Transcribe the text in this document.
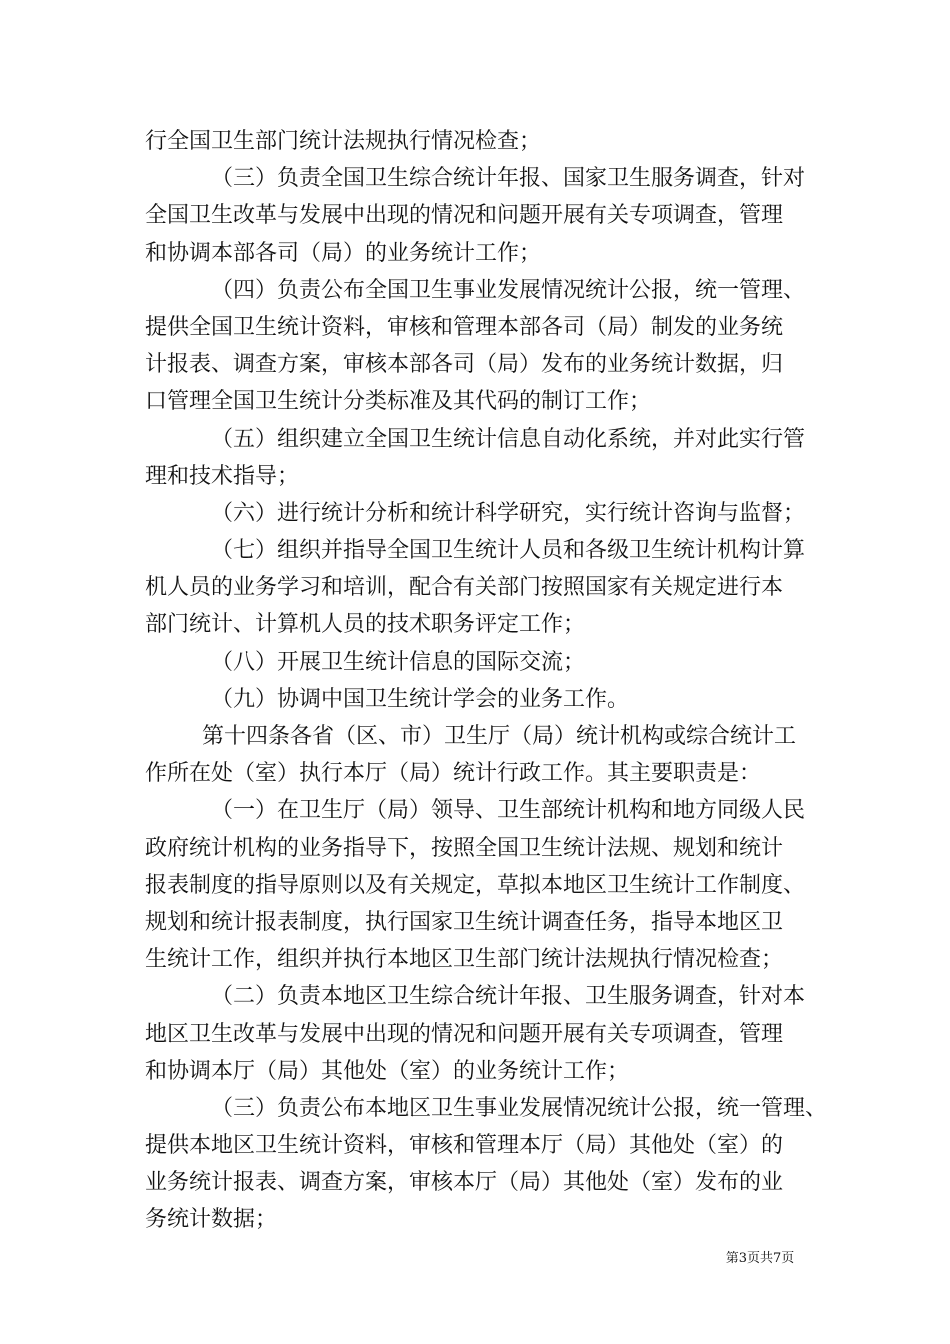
行全国卫生部门统计法规执行情况检查；
（三）负责全国卫生综合统计年报、国家卫生服务调查，针对
全国卫生改革与发展中出现的情况和问题开展有关专项调查，管理
和协调本部各司（局）的业务统计工作；
（四）负责公布全国卫生事业发展情况统计公报，统一管理、
提供全国卫生统计资料，审核和管理本部各司（局）制发的业务统
计报表、调查方案，审核本部各司（局）发布的业务统计数据，归
口管理全国卫生统计分类标准及其代码的制订工作；
（五）组织建立全国卫生统计信息自动化系统，并对此实行管
理和技术指导；
（六）进行统计分析和统计科学研究，实行统计咨询与监督；
（七）组织并指导全国卫生统计人员和各级卫生统计机构计算
机人员的业务学习和培训，配合有关部门按照国家有关规定进行本
部门统计、计算机人员的技术职务评定工作；
（八）开展卫生统计信息的国际交流；
（九）协调中国卫生统计学会的业务工作。
第十四条各省（区、市）卫生厅（局）统计机构或综合统计工
作所在处（室）执行本厅（局）统计行政工作。其主要职责是：
（一）在卫生厅（局）领导、卫生部统计机构和地方同级人民
政府统计机构的业务指导下，按照全国卫生统计法规、规划和统计
报表制度的指导原则以及有关规定，草拟本地区卫生统计工作制度、
规划和统计报表制度，执行国家卫生统计调查任务，指导本地区卫
生统计工作，组织并执行本地区卫生部门统计法规执行情况检查；
（二）负责本地区卫生综合统计年报、卫生服务调查，针对本
地区卫生改革与发展中出现的情况和问题开展有关专项调查，管理
和协调本厅（局）其他处（室）的业务统计工作；
（三）负责公布本地区卫生事业发展情况统计公报，统一管理、
提供本地区卫生统计资料，审核和管理本厅（局）其他处（室）的
业务统计报表、调查方案，审核本厅（局）其他处（室）发布的业
务统计数据；
第3页共7页
